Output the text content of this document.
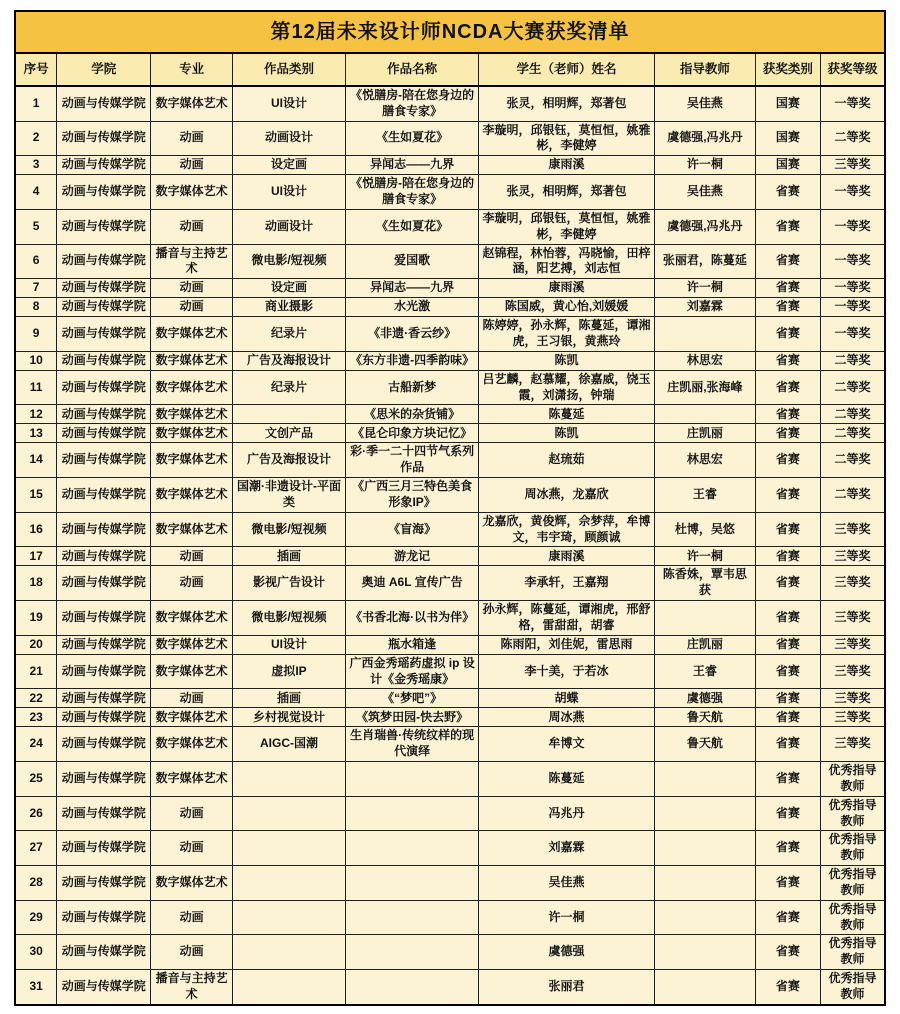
第12届未来设计师NCDA大赛获奖清单								
序号	学院	专业	作品类别	作品名称	学生（老师）姓名	指导教师	获奖类别	获奖等级
1	动画与传媒学院	数字媒体艺术	UI设计	《悦膳房-陪在您身边的膳食专家》	张灵，相明辉，郑著包	吴佳燕	国赛	一等奖
2	动画与传媒学院	动画	动画设计	《生如夏花》	李璇明，邱银钰，莫恒恒，姚雅彬，李健婷	虞德强,冯兆丹	国赛	二等奖
3	动画与传媒学院	动画	设定画	异闻志——九界	康雨溪	许一桐	国赛	三等奖
4	动画与传媒学院	数字媒体艺术	UI设计	《悦膳房-陪在您身边的膳食专家》	张灵，相明辉，郑著包	吴佳燕	省赛	一等奖
5	动画与传媒学院	动画	动画设计	《生如夏花》	李璇明，邱银钰，莫恒恒，姚雅彬，李健婷	虞德强,冯兆丹	省赛	一等奖
6	动画与传媒学院	播音与主持艺术	微电影/短视频	爱国歌	赵锦程，林怡蓉，冯晓愉，田梓涵，阳艺搏，刘志恒	张丽君，陈蔓延	省赛	一等奖
7	动画与传媒学院	动画	设定画	异闻志——九界	康雨溪	许一桐	省赛	一等奖
8	动画与传媒学院	动画	商业摄影	水光激	陈国威，黄心怡,刘媛媛	刘嘉霖	省赛	一等奖
9	动画与传媒学院	数字媒体艺术	纪录片	《非遗·香云纱》	陈婷婷，孙永辉，陈蔓延，谭湘虎，王习银，黄燕玲		省赛	一等奖
10	动画与传媒学院	数字媒体艺术	广告及海报设计	《东方非遗-四季韵味》	陈凯	林思宏	省赛	二等奖
11	动画与传媒学院	数字媒体艺术	纪录片	古船新梦	吕艺麟，赵慕耀，徐嘉威，饶玉霞，刘潇扬，钟瑞	庄凯丽,张海峰	省赛	二等奖
12	动画与传媒学院	数字媒体艺术		《思米的杂货铺》	陈蔓延		省赛	二等奖
13	动画与传媒学院	数字媒体艺术	文创产品	《昆仑印象方块记忆》	陈凯	庄凯丽	省赛	二等奖
14	动画与传媒学院	数字媒体艺术	广告及海报设计	彩·季一二十四节气系列作品	赵琉茹	林思宏	省赛	二等奖
15	动画与传媒学院	数字媒体艺术	国潮·非遗设计-平面类	《广西三月三特色美食形象IP》	周冰燕，龙嘉欣	王睿	省赛	二等奖
16	动画与传媒学院	数字媒体艺术	微电影/短视频	《盲海》	龙嘉欣，黄俊辉，佘梦萍，牟博文，韦宇琦，顾颜诚	杜博，吴悠	省赛	三等奖
17	动画与传媒学院	动画	插画	游龙记	康雨溪	许一桐	省赛	三等奖
18	动画与传媒学院	动画	影视广告设计	奥迪 A6L 宣传广告	李承轩，王嘉翔	陈香姝，覃韦思获	省赛	三等奖
19	动画与传媒学院	数字媒体艺术	微电影/短视频	《书香北海·以书为伴》	孙永辉，陈蔓延，谭湘虎，邢舒格，雷甜甜，胡睿		省赛	三等奖
20	动画与传媒学院	数字媒体艺术	UI设计	瓶水箱逢	陈雨阳，刘佳妮，雷思雨	庄凯丽	省赛	三等奖
21	动画与传媒学院	数字媒体艺术	虚拟IP	广西金秀瑶药虚拟 ip 设计《金秀瑶康》	李十美，于若冰	王睿	省赛	三等奖
22	动画与传媒学院	动画	插画	《“梦吧”》	胡蝶	虞德强	省赛	三等奖
23	动画与传媒学院	数字媒体艺术	乡村视觉设计	《筑梦田园-快去野》	周冰燕	鲁天航	省赛	三等奖
24	动画与传媒学院	数字媒体艺术	AIGC-国潮	生肖瑞兽·传统纹样的现代演绎	牟博文	鲁天航	省赛	三等奖
25	动画与传媒学院	数字媒体艺术			陈蔓延		省赛	优秀指导教师
26	动画与传媒学院	动画			冯兆丹		省赛	优秀指导教师
27	动画与传媒学院	动画			刘嘉霖		省赛	优秀指导教师
28	动画与传媒学院	数字媒体艺术			吴佳燕		省赛	优秀指导教师
29	动画与传媒学院	动画			许一桐		省赛	优秀指导教师
30	动画与传媒学院	动画			虞德强		省赛	优秀指导教师
31	动画与传媒学院	播音与主持艺术			张丽君		省赛	优秀指导教师
